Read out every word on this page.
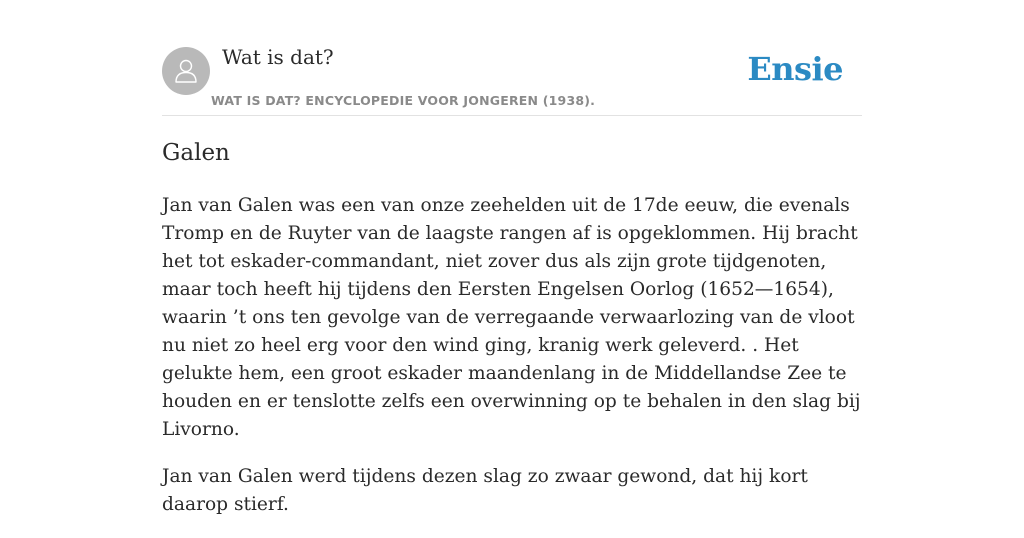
Wat is dat?
WAT IS DAT? ENCYCLOPEDIE VOOR JONGEREN (1938).
Ensie
Galen

Jan van Galen was een van onze zeehelden uit de 17de eeuw, die evenals Tromp en de Ruyter van de laagste rangen af is opgeklommen. Hij bracht het tot eskader-commandant, niet zover dus als zijn grote tijdgenoten, maar toch heeft hij tijdens den Eersten Engelsen Oorlog (1652—1654), waarin ’t ons ten gevolge van de verregaande verwaarlozing van de vloot nu niet zo heel erg voor den wind ging, kranig werk geleverd. . Het gelukte hem, een groot eskader maandenlang in de Middellandse Zee te houden en er tenslotte zelfs een overwinning op te behalen in den slag bij Livorno.

Jan van Galen werd tijdens dezen slag zo zwaar gewond, dat hij kort daarop stierf.
